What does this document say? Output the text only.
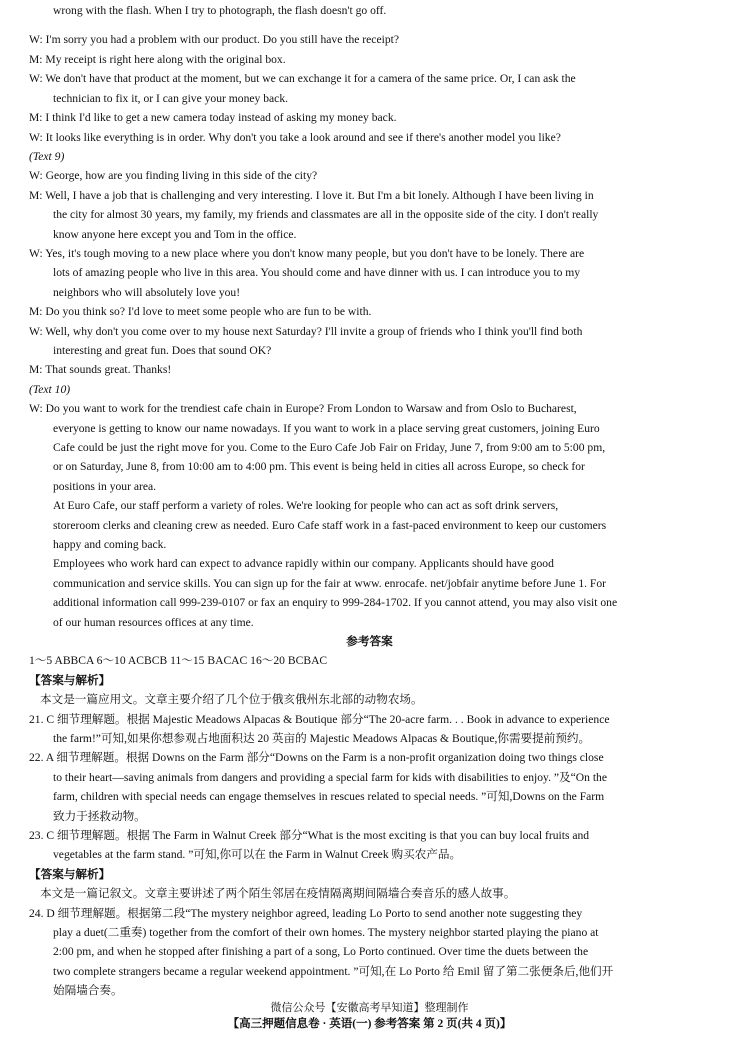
wrong with the flash. When I try to photograph, the flash doesn't go off.
W: I'm sorry you had a problem with our product. Do you still have the receipt?
M: My receipt is right here along with the original box.
W: We don't have that product at the moment, but we can exchange it for a camera of the same price. Or, I can ask the
technician to fix it, or I can give your money back.
M: I think I'd like to get a new camera today instead of asking my money back.
W: It looks like everything is in order. Why don't you take a look around and see if there's another model you like?
(Text 9)
W: George, how are you finding living in this side of the city?
M: Well, I have a job that is challenging and very interesting. I love it. But I'm a bit lonely. Although I have been living in
the city for almost 30 years, my family, my friends and classmates are all in the opposite side of the city. I don't really
know anyone here except you and Tom in the office.
W: Yes, it's tough moving to a new place where you don't know many people, but you don't have to be lonely. There are
lots of amazing people who live in this area. You should come and have dinner with us. I can introduce you to my
neighbors who will absolutely love you!
M: Do you think so? I'd love to meet some people who are fun to be with.
W: Well, why don't you come over to my house next Saturday? I'll invite a group of friends who I think you'll find both
interesting and great fun. Does that sound OK?
M: That sounds great. Thanks!
(Text 10)
W: Do you want to work for the trendiest cafe chain in Europe? From London to Warsaw and from Oslo to Bucharest,
everyone is getting to know our name nowadays. If you want to work in a place serving great customers, joining Euro
Cafe could be just the right move for you. Come to the Euro Cafe Job Fair on Friday, June 7, from 9:00 am to 5:00 pm,
or on Saturday, June 8, from 10:00 am to 4:00 pm. This event is being held in cities all across Europe, so check for
positions in your area.
At Euro Cafe, our staff perform a variety of roles. We're looking for people who can act as soft drink servers,
storeroom clerks and cleaning crew as needed. Euro Cafe staff work in a fast-paced environment to keep our customers
happy and coming back.
Employees who work hard can expect to advance rapidly within our company. Applicants should have good
communication and service skills. You can sign up for the fair at www. enrocafe. net/jobfair anytime before June 1. For
additional information call 999-239-0107 or fax an enquiry to 999-284-1702. If you cannot attend, you may also visit one
of our human resources offices at any time.
参考答案
1～5 ABBCA 6～10 ACBCB 11～15 BACAC 16～20 BCBAC
【答案与解析】
本文是一篇应用文。文章主要介绍了几个位于俄亥俄州东北部的动物农场。
21. C 细节理解题。根据 Majestic Meadows Alpacas & Boutique 部分“The 20-acre farm. . . Book in advance to experience
the farm!”可知,如果你想参观占地面积达 20 英亩的 Majestic Meadows Alpacas & Boutique,你需要提前预约。
22. A 细节理解题。根据 Downs on the Farm 部分“Downs on the Farm is a non-profit organization doing two things close
to their heart—saving animals from dangers and providing a special farm for kids with disabilities to enjoy. ”及“On the
farm, children with special needs can engage themselves in rescues related to special needs. ”可知,Downs on the Farm
致力于拯救动物。
23. C 细节理解题。根据 The Farm in Walnut Creek 部分“What is the most exciting is that you can buy local fruits and
vegetables at the farm stand. ”可知,你可以在 the Farm in Walnut Creek 购买农产品。
【答案与解析】
本文是一篇记叙文。文章主要讲述了两个陌生邻居在疫情隔离期间隔墙合奏音乐的感人故事。
24. D 细节理解题。根据第二段“The mystery neighbor agreed, leading Lo Porto to send another note suggesting they
play a duet(二重奏) together from the comfort of their own homes. The mystery neighbor started playing the piano at
2:00 pm, and when he stopped after finishing a part of a song, Lo Porto continued. Over time the duets between the
two complete strangers became a regular weekend appointment. ”可知,在 Lo Porto 给 Emil 留了第二张便条后,他们开
始隔墙合奏。
微信公众号【安徽高考早知道】整理制作
【高三押题信息卷 · 英语(一) 参考答案 第 2 页(共 4 页)】
